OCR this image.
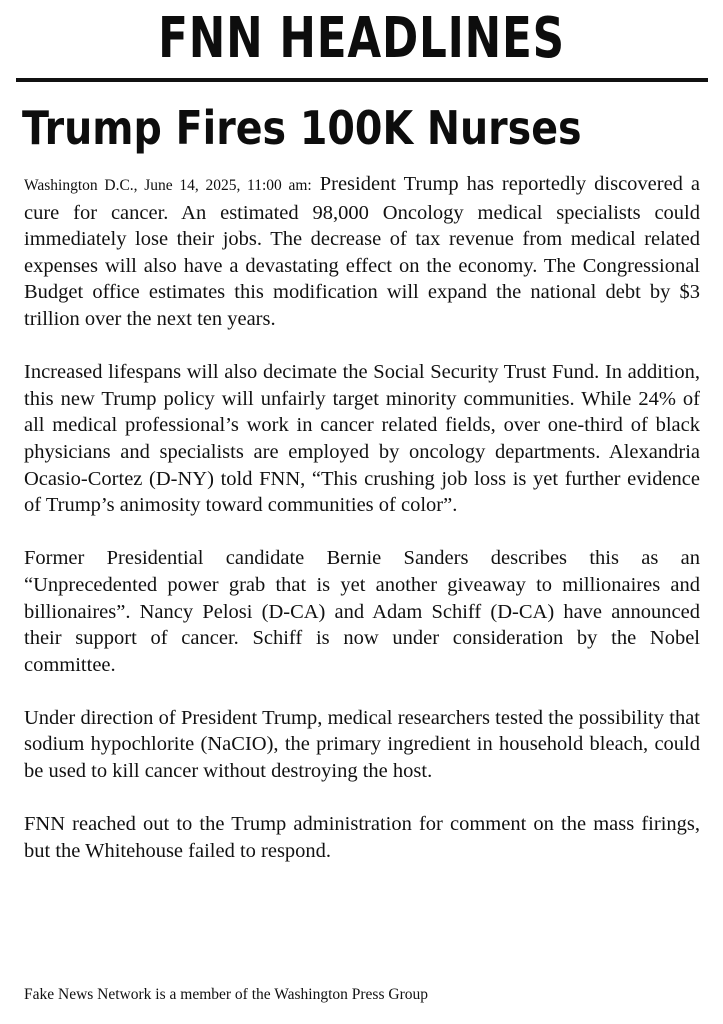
FNN HEADLINES
Trump Fires 100K Nurses

Washington D.C., June 14, 2025, 11:00 am: President Trump has reportedly discovered a cure for cancer. An estimated 98,000 Oncology medical specialists could immediately lose their jobs. The decrease of tax revenue from medical related expenses will also have a devastating effect on the economy. The Congressional Budget office estimates this modification will expand the national debt by $3 trillion over the next ten years.

Increased lifespans will also decimate the Social Security Trust Fund. In addition, this new Trump policy will unfairly target minority communities. While 24% of all medical professional’s work in cancer related fields, over one-third of black physicians and specialists are employed by oncology departments. Alexandria Ocasio-Cortez (D-NY) told FNN, “This crushing job loss is yet further evidence of Trump’s animosity toward communities of color”.

Former Presidential candidate Bernie Sanders describes this as an “Unprecedented power grab that is yet another giveaway to millionaires and billionaires”. Nancy Pelosi (D-CA) and Adam Schiff (D-CA) have announced their support of cancer. Schiff is now under consideration by the Nobel committee.

Under direction of President Trump, medical researchers tested the possibility that sodium hypochlorite (NaCIO), the primary ingredient in household bleach, could be used to kill cancer without destroying the host.

FNN reached out to the Trump administration for comment on the mass firings, but the Whitehouse failed to respond.

Fake News Network is a member of the Washington Press Group
